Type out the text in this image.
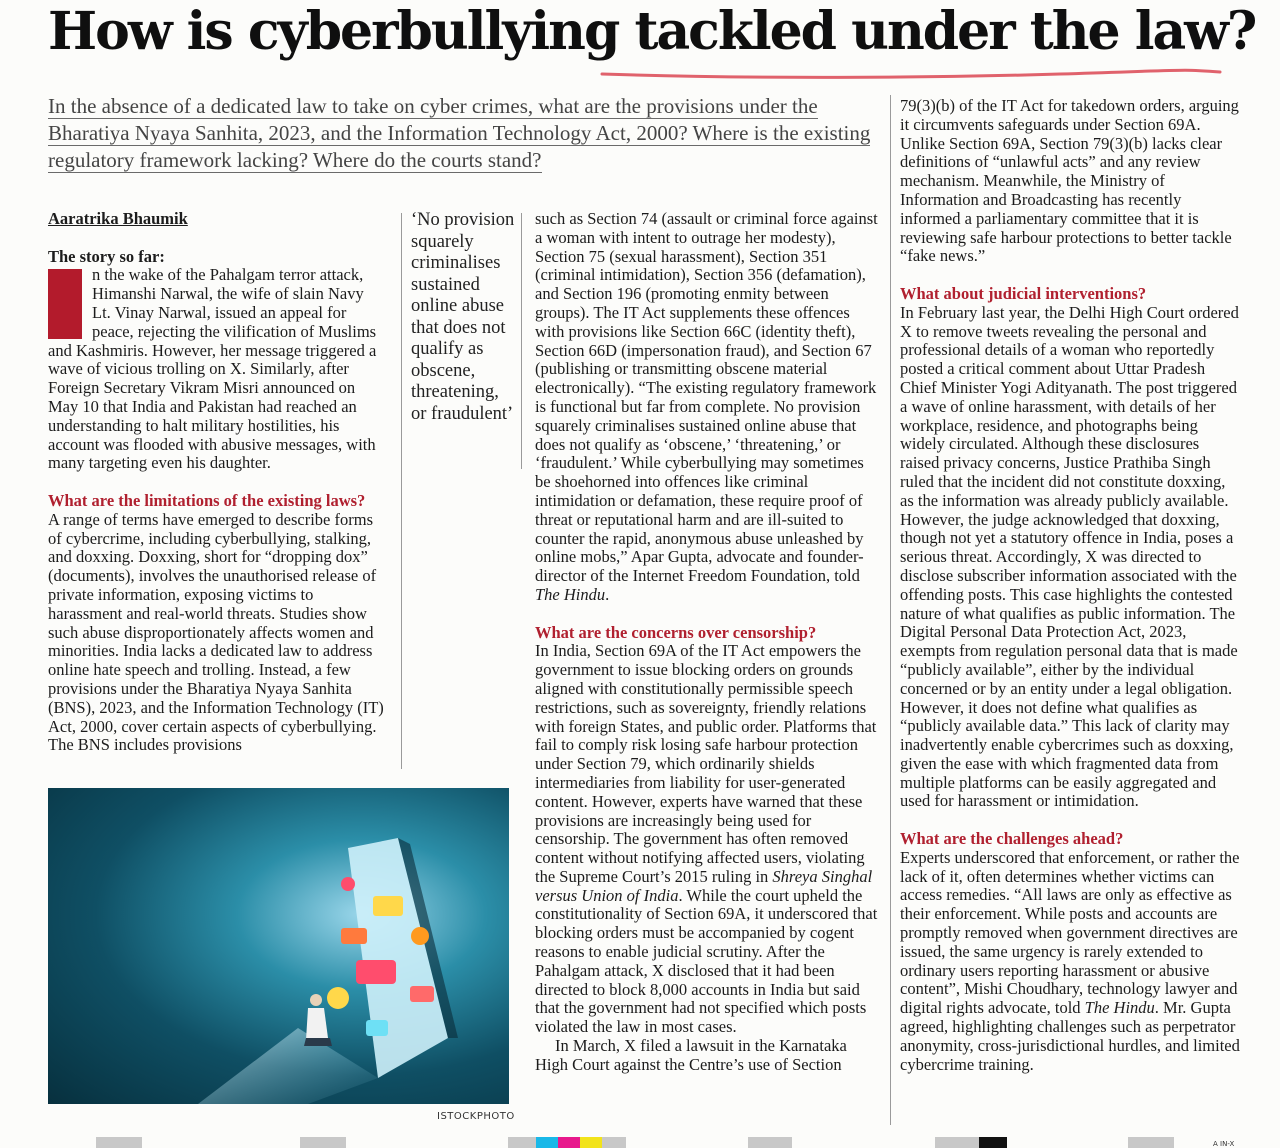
How is cyberbullying tackled under the law?

In the absence of a dedicated law to take on cyber crimes, what are the provisions under the Bharatiya Nyaya Sanhita, 2023, and the Information Technology Act, 2000? Where is the existing regulatory framework lacking? Where do the courts stand?

Aaratrika Bhaumik

The story so far:

n the wake of the Pahalgam terror attack, Himanshi Narwal, the wife of slain Navy Lt. Vinay Narwal, issued an appeal for peace, rejecting the vilification of Muslims and Kashmiris. However, her message triggered a wave of vicious trolling on X. Similarly, after Foreign Secretary Vikram Misri announced on May 10 that India and Pakistan had reached an understanding to halt military hostilities, his account was flooded with abusive messages, with many targeting even his daughter.

What are the limitations of the existing laws?

A range of terms have emerged to describe forms of cybercrime, including cyberbullying, stalking, and doxxing. Doxxing, short for “dropping dox” (documents), involves the unauthorised release of private information, exposing victims to harassment and real-world threats. Studies show such abuse disproportionately affects women and minorities. India lacks a dedicated law to address online hate speech and trolling. Instead, a few provisions under the Bharatiya Nyaya Sanhita (BNS), 2023, and the Information Technology (IT) Act, 2000, cover certain aspects of cyberbullying. The BNS includes provisions

‘No provision squarely criminalises sustained online abuse that does not qualify as obscene, threatening, or fraudulent’

such as Section 74 (assault or criminal force against a woman with intent to outrage her modesty), Section 75 (sexual harassment), Section 351 (criminal intimidation), Section 356 (defamation), and Section 196 (promoting enmity between groups). The IT Act supplements these offences with provisions like Section 66C (identity theft), Section 66D (impersonation fraud), and Section 67 (publishing or transmitting obscene material electronically). “The existing regulatory framework is functional but far from complete. No provision squarely criminalises sustained online abuse that does not qualify as ‘obscene,’ ‘threatening,’ or ‘fraudulent.’ While cyberbullying may sometimes be shoehorned into offences like criminal intimidation or defamation, these require proof of threat or reputational harm and are ill-suited to counter the rapid, anonymous abuse unleashed by online mobs,” Apar Gupta, advocate and founder-director of the Internet Freedom Foundation, told The Hindu.

What are the concerns over censorship?

In India, Section 69A of the IT Act empowers the government to issue blocking orders on grounds aligned with constitutionally permissible speech restrictions, such as sovereignty, friendly relations with foreign States, and public order. Platforms that fail to comply risk losing safe harbour protection under Section 79, which ordinarily shields intermediaries from liability for user-generated content. However, experts have warned that these provisions are increasingly being used for censorship. The government has often removed content without notifying affected users, violating the Supreme Court’s 2015 ruling in Shreya Singhal versus Union of India. While the court upheld the constitutionality of Section 69A, it underscored that blocking orders must be accompanied by cogent reasons to enable judicial scrutiny. After the Pahalgam attack, X disclosed that it had been directed to block 8,000 accounts in India but said that the government had not specified which posts violated the law in most cases.

In March, X filed a lawsuit in the Karnataka High Court against the Centre’s use of Section

79(3)(b) of the IT Act for takedown orders, arguing it circumvents safeguards under Section 69A. Unlike Section 69A, Section 79(3)(b) lacks clear definitions of “unlawful acts” and any review mechanism. Meanwhile, the Ministry of Information and Broadcasting has recently informed a parliamentary committee that it is reviewing safe harbour protections to better tackle “fake news.”

What about judicial interventions?

In February last year, the Delhi High Court ordered X to remove tweets revealing the personal and professional details of a woman who reportedly posted a critical comment about Uttar Pradesh Chief Minister Yogi Adityanath. The post triggered a wave of online harassment, with details of her workplace, residence, and photographs being widely circulated. Although these disclosures raised privacy concerns, Justice Prathiba Singh ruled that the incident did not constitute doxxing, as the information was already publicly available. However, the judge acknowledged that doxxing, though not yet a statutory offence in India, poses a serious threat. Accordingly, X was directed to disclose subscriber information associated with the offending posts. This case highlights the contested nature of what qualifies as public information. The Digital Personal Data Protection Act, 2023, exempts from regulation personal data that is made “publicly available”, either by the individual concerned or by an entity under a legal obligation. However, it does not define what qualifies as “publicly available data.” This lack of clarity may inadvertently enable cybercrimes such as doxxing, given the ease with which fragmented data from multiple platforms can be easily aggregated and used for harassment or intimidation.

What are the challenges ahead?

Experts underscored that enforcement, or rather the lack of it, often determines whether victims can access remedies. “All laws are only as effective as their enforcement. While posts and accounts are promptly removed when government directives are issued, the same urgency is rarely extended to ordinary users reporting harassment or abusive content”, Mishi Choudhary, technology lawyer and digital rights advocate, told The Hindu. Mr. Gupta agreed, highlighting challenges such as perpetrator anonymity, cross-jurisdictional hurdles, and limited cybercrime training.

ISTOCKPHOTO
A IN-X
